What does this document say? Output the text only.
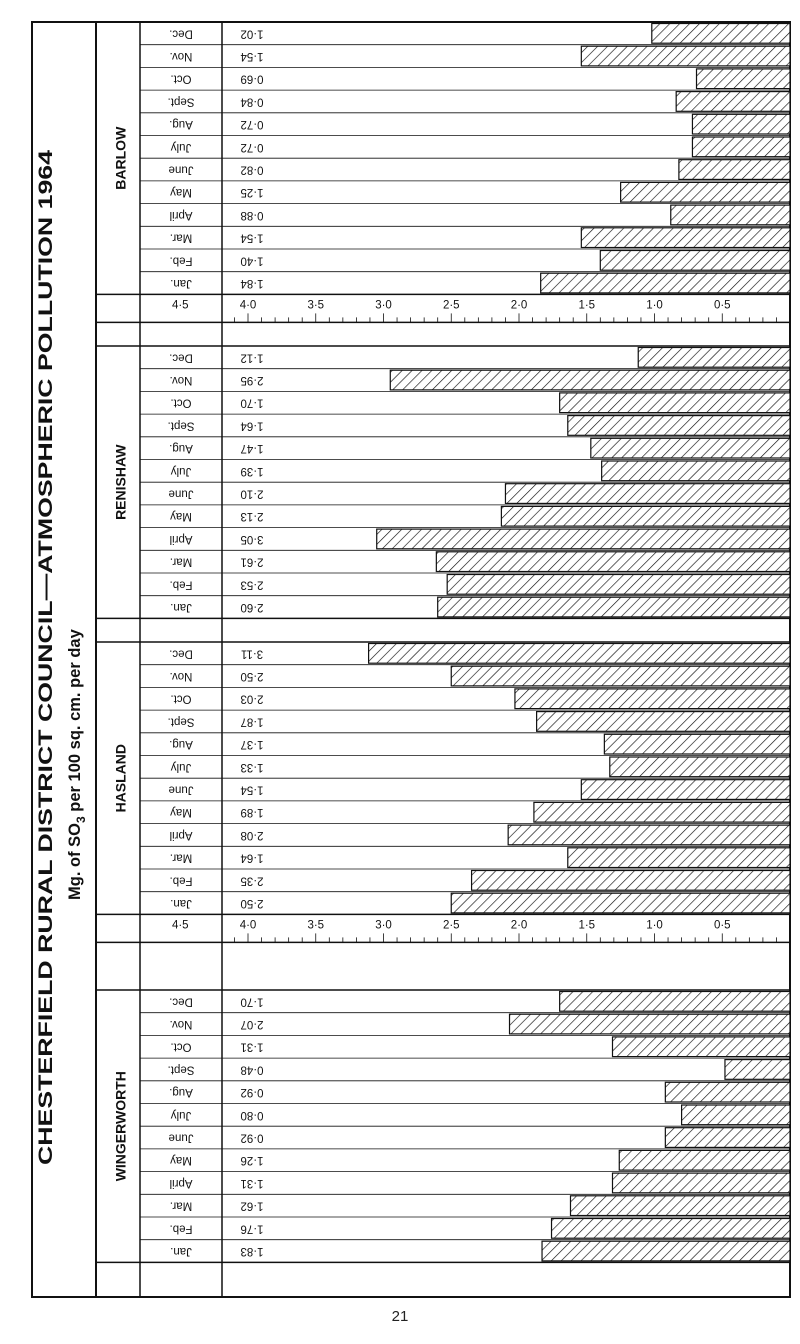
CHESTERFIELD RURAL DISTRICT COUNCIL—ATMOSPHERIC POLLUTION 1964 Mg. of $SO_3$ per 100 sq. cm. per day
BARLOW
Jan.	1·84
Feb.	1·40
Mar.	1·54
April	0·88
May	1·25
June	0·82
July	0·72
Aug.	0·72
Sept.	0·84
Oct.	0·69
Nov.	1·54
Dec.	1·02
4·5	4·0	3·5	3·0	2·5	2·0	1·5	1·0	0·5
RENISHAW
Jan.	2·60
Feb.	2·53
Mar.	2·61
April	3·05
May	2·13
June	2·10
July	1·39
Aug.	1·47
Sept.	1·64
Oct.	1·70
Nov.	2·95
Dec.	1·12
HASLAND
Jan.	2·50
Feb.	2·35
Mar.	1·64
April	2·08
May	1·89
June	1·54
July	1·33
Aug.	1·37
Sept.	1·87
Oct.	2·03
Nov.	2·50
Dec.	3·11
4·5	4·0	3·5	3·0	2·5	2·0	1·5	1·0	0·5
WINGERWORTH
Jan.	1·83
Feb.	1·76
Mar.	1·62
April	1·31
May	1·26
June	0·92
July	0·80
Aug.	0·92
Sept.	0·48
Oct.	1·31
Nov.	2·07
Dec.	1·70
21
